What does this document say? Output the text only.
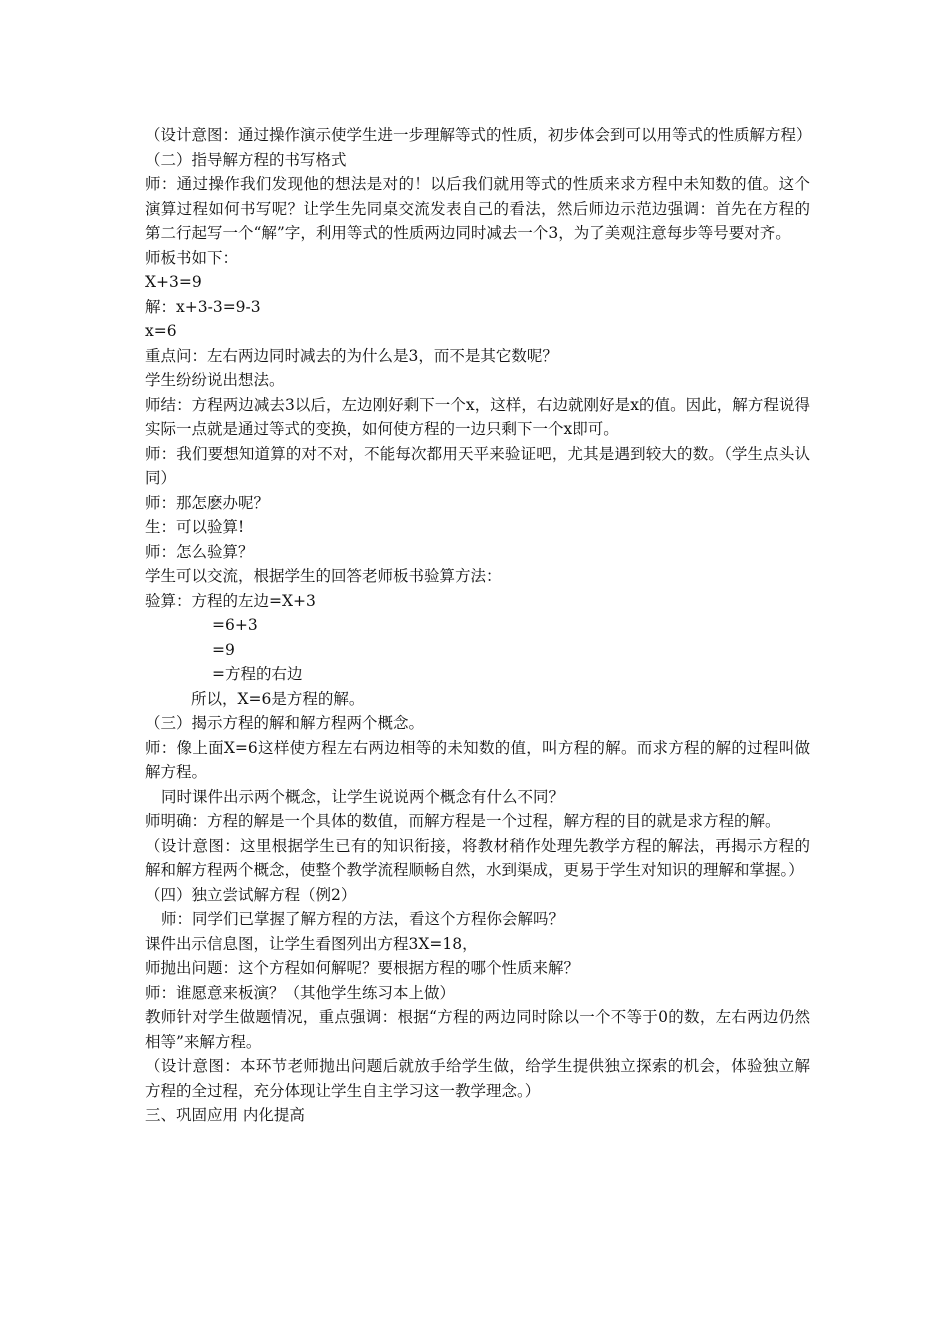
（设计意图：通过操作演示使学生进一步理解等式的性质，初步体会到可以用等式的性质解方程）
（二）指导解方程的书写格式
师：通过操作我们发现他的想法是对的！以后我们就用等式的性质来求方程中未知数的值。这个演算过程如何书写呢？让学生先同桌交流发表自己的看法，然后师边示范边强调：首先在方程的第二行起写一个“解”字，利用等式的性质两边同时减去一个3，为了美观注意每步等号要对齐。
师板书如下：
X+3=9
解：x+3-3=9-3
x=6
重点问：左右两边同时减去的为什么是3，而不是其它数呢？
学生纷纷说出想法。
师结：方程两边减去3以后，左边刚好剩下一个x，这样，右边就刚好是x的值。因此，解方程说得实际一点就是通过等式的变换，如何使方程的一边只剩下一个x即可。
师：我们要想知道算的对不对，不能每次都用天平来验证吧，尤其是遇到较大的数。（学生点头认同）
师：那怎麽办呢？
生：可以验算!
师：怎么验算？
学生可以交流，根据学生的回答老师板书验算方法：
验算：方程的左边=X+3
=6+3
=9
=方程的右边
所以，X=6是方程的解。
（三）揭示方程的解和解方程两个概念。
师：像上面X=6这样使方程左右两边相等的未知数的值，叫方程的解。而求方程的解的过程叫做解方程。
同时课件出示两个概念，让学生说说两个概念有什么不同？
师明确：方程的解是一个具体的数值，而解方程是一个过程，解方程的目的就是求方程的解。
（设计意图：这里根据学生已有的知识衔接，将教材稍作处理先教学方程的解法，再揭示方程的解和解方程两个概念，使整个教学流程顺畅自然，水到渠成，更易于学生对知识的理解和掌握。）
（四）独立尝试解方程（例2）
师：同学们已掌握了解方程的方法，看这个方程你会解吗？
课件出示信息图，让学生看图列出方程3X=18，
师抛出问题：这个方程如何解呢？要根据方程的哪个性质来解？
师：谁愿意来板演？（其他学生练习本上做）
教师针对学生做题情况，重点强调：根据“方程的两边同时除以一个不等于0的数，左右两边仍然相等”来解方程。
（设计意图：本环节老师抛出问题后就放手给学生做，给学生提供独立探索的机会，体验独立解方程的全过程，充分体现让学生自主学习这一教学理念。）
三、巩固应用 内化提高
